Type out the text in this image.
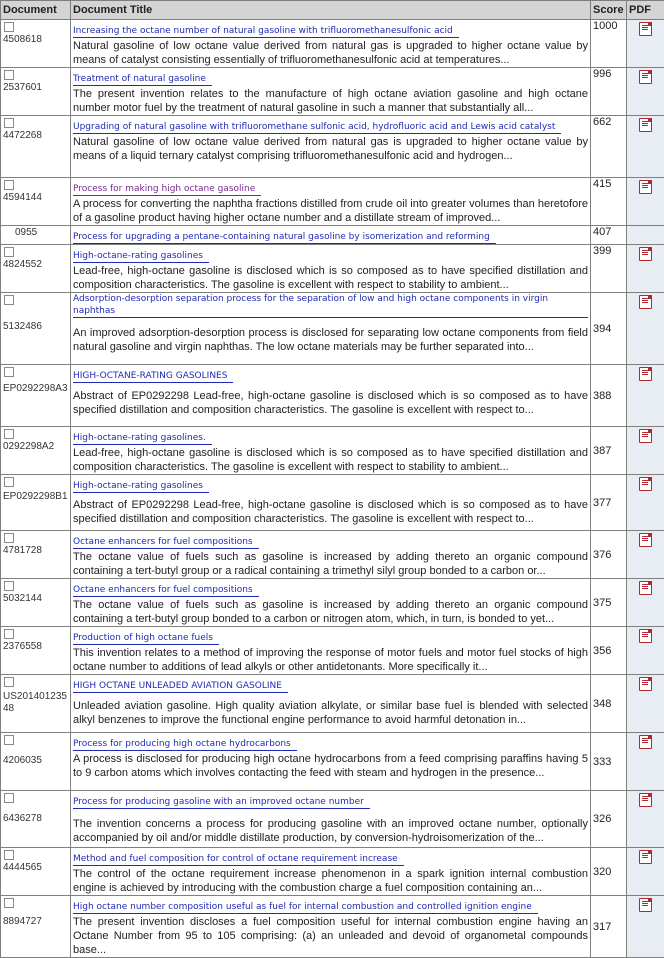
Document	Document Title	Score	PDF

4508618	Increasing the octane number of natural gasoline with trifluoromethanesulfonic acid
Natural gasoline of low octane value derived from natural gas is upgraded to higher octane value by means of catalyst consisting essentially of trifluoromethanesulfonic acid at temperatures...	1000	

2537601	Treatment of natural gasoline
The present invention relates to the manufacture of high octane aviation gasoline and high octane number motor fuel by the treatment of natural gasoline in such a manner that substantially all...	996	

4472268	Upgrading of natural gasoline with trifluoromethane sulfonic acid, hydrofluoric acid and Lewis acid catalyst
Natural gasoline of low octane value derived from natural gas is upgraded to higher octane value by means of a liquid ternary catalyst comprising trifluoromethanesulfonic acid and hydrogen...	662	

4594144	Process for making high octane gasoline
A process for converting the naphtha fractions distilled from crude oil into greater volumes than heretofore of a gasoline product having higher octane number and a distillate stream of improved...	415	

0955	Process for upgrading a pentane-containing natural gasoline by isomerization and reforming	407	

4824552	High-octane-rating gasolines
Lead-free, high-octane gasoline is disclosed which is so composed as to have specified distillation and composition characteristics. The gasoline is excellent with respect to stability to ambient...	399	

5132486	Adsorption-desorption separation process for the separation of low and high octane components in virgin naphthas
An improved adsorption-desorption process is disclosed for separating low octane components from field natural gasoline and virgin naphthas. The low octane materials may be further separated into...	394	

EP0292298A3	HIGH-OCTANE-RATING GASOLINES
Abstract of EP0292298 Lead-free, high-octane gasoline is disclosed which is so composed as to have specified distillation and composition characteristics. The gasoline is excellent with respect to...	388	

0292298A2	High-octane-rating gasolines.
Lead-free, high-octane gasoline is disclosed which is so composed as to have specified distillation and composition characteristics. The gasoline is excellent with respect to stability to ambient...	387	

EP0292298B1	High-octane-rating gasolines
Abstract of EP0292298 Lead-free, high-octane gasoline is disclosed which is so composed as to have specified distillation and composition characteristics. The gasoline is excellent with respect to...	377	

4781728	Octane enhancers for fuel compositions
The octane value of fuels such as gasoline is increased by adding thereto an organic compound containing a tert-butyl group or a radical containing a trimethyl silyl group bonded to a carbon or...	376	

5032144	Octane enhancers for fuel compositions
The octane value of fuels such as gasoline is increased by adding thereto an organic compound containing a tert-butyl group bonded to a carbon or nitrogen atom, which, in turn, is bonded to yet...	375	

2376558	Production of high octane fuels
This invention relates to a method of improving the response of motor fuels and motor fuel stocks of high octane number to additions of lead alkyls or other antidetonants. More specifically it...	356	

US20140123548	HIGH OCTANE UNLEADED AVIATION GASOLINE
Unleaded aviation gasoline. High quality aviation alkylate, or similar base fuel is blended with selected alkyl benzenes to improve the functional engine performance to avoid harmful detonation in...	348	

4206035	Process for producing high octane hydrocarbons
A process is disclosed for producing high octane hydrocarbons from a feed comprising paraffins having 5 to 9 carbon atoms which involves contacting the feed with steam and hydrogen in the presence...	333	

6436278	Process for producing gasoline with an improved octane number
The invention concerns a process for producing gasoline with an improved octane number, optionally accompanied by oil and/or middle distillate production, by conversion-hydroisomerization of the...	326	

4444565	Method and fuel composition for control of octane requirement increase
The control of the octane requirement increase phenomenon in a spark ignition internal combustion engine is achieved by introducing with the combustion charge a fuel composition containing an...	320	

8894727	High octane number composition useful as fuel for internal combustion and controlled ignition engine
The present invention discloses a fuel composition useful for internal combustion engine having an Octane Number from 95 to 105 comprising: (a) an unleaded and devoid of organometal compounds base...	317	
